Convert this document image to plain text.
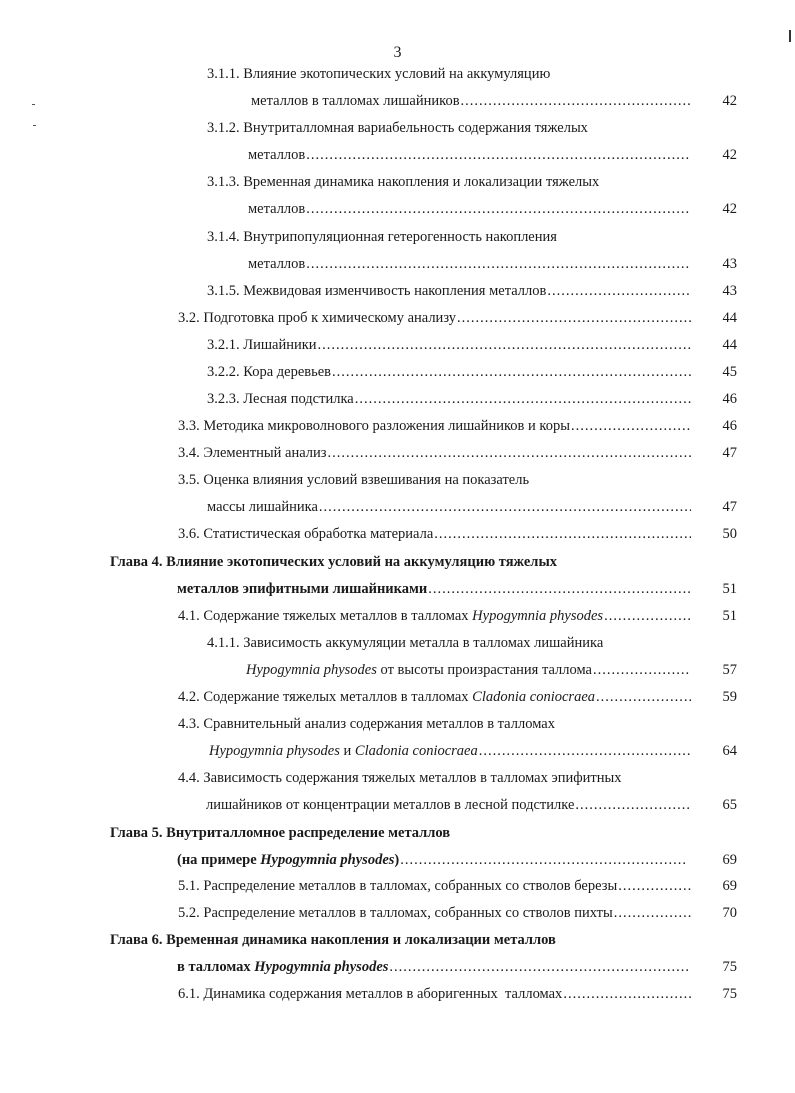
3
3.1.1. Влияние экотопических условий на аккумуляцию
металлов в талломах лишайников .....	42
3.1.2. Внутриталломная вариабельность содержания тяжелых
металлов .....	42
3.1.3. Временная динамика накопления и локализации тяжелых
металлов .....	42
3.1.4. Внутрипопуляционная гетерогенность накопления
металлов .....	43
3.1.5. Межвидовая изменчивость накопления металлов .....	43
3.2. Подготовка проб к химическому анализу .....	44
3.2.1. Лишайники .....	44
3.2.2. Кора деревьев .....	45
3.2.3. Лесная подстилка .....	46
3.3. Методика микроволнового разложения лишайников и коры .....	46
3.4. Элементный анализ .....	47
3.5. Оценка влияния условий взвешивания на показатель
массы лишайника .....	47
3.6. Статистическая обработка материала .....	50
Глава 4. Влияние экотопических условий на аккумуляцию тяжелых
металлов эпифитными лишайниками .....	51
4.1. Содержание тяжелых металлов в талломах Hypogymnia physodes .....	51
4.1.1. Зависимость аккумуляции металла в талломах лишайника
Hypogymnia physodes от высоты произрастания таллома .....	57
4.2. Содержание тяжелых металлов в талломах Cladonia coniocraea .....	59
4.3. Сравнительный анализ содержания металлов в талломах
Hypogymnia physodes и Cladonia coniocraea .....	64
4.4. Зависимость содержания тяжелых металлов в талломах эпифитных
лишайников от концентрации металлов в лесной подстилке .....	65
Глава 5. Внутриталломное распределение металлов
(на примере Hypogymnia physodes) .....	69
5.1. Распределение металлов в талломах, собранных со стволов березы .....	69
5.2. Распределение металлов в талломах, собранных со стволов пихты .....	70
Глава 6. Временная динамика накопления и локализации металлов
в талломах Hypogymnia physodes .....	75
6.1. Динамика содержания металлов в аборигенных  талломах .....	75
